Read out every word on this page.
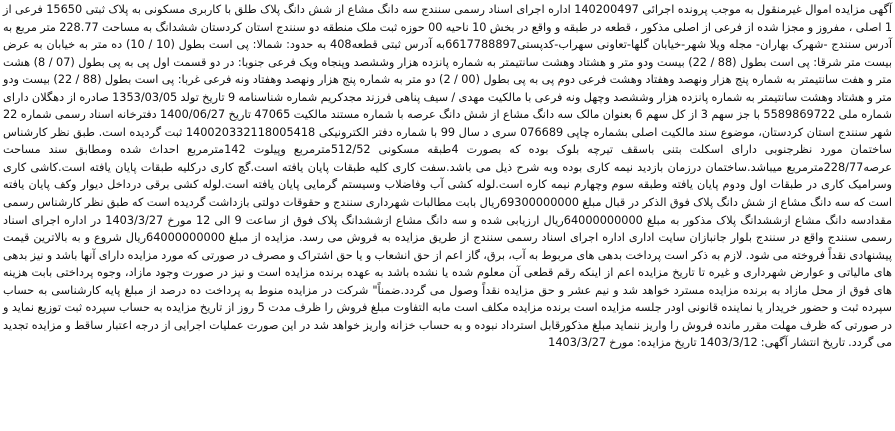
آگهی مزایده اموال غیرمنقول به موجب پرونده اجرائی 140200497 اداره اجرای اسناد رسمی سنندج سه دانگ مشاع از شش دانگ پلاک طلق با کاربری مسکونی به پلاک ثبتی 15650 فرعی از 1 اصلی ، مفروز و مجزا شده از فرعی از اصلی مذکور ، قطعه در طبقه و واقع در بخش 10 ناحیه 00 حوزه ثبت ملک منطقه دو سنندج استان کردستان ششدانگ به مساحت 228.77 متر مربع به آدرس سنندج -شهرک بهاران- مجله ویلا شهر-خیابان گلها-تعاونی سهراب-کدپستی6617788897به آدرس ثبتی قطعه408 به حدود: شمالا: پی است بطول (10 / 10) ده متر به خیابان به عرض بیست متر شرقا: پی است بطول (88 / 22) بیست ودو متر و هشتاد وهشت سانتیمتر به شماره پانزده هزار وششصد وپنجاه ویک فرعی جنوبا: در دو قسمت اول پی به پی بطول (07 / 8) هشت متر و هفت سانتیمتر به شماره پنج هزار ونهصد وهفتاد وهشت فرعی دوم پی به پی بطول (00 / 2) دو متر به شماره پنج هزار ونهصد وهفتاد ونه فرعی غربا: پی است بطول (88 / 22) بیست ودو متر و هشتاد وهشت سانتیمتر به شماره پانزده هزار وششصد وچهل ونه فرعی با مالکیت مهدی / سیف پناهی فرزند مجدکریم شماره شناسنامه 9 تاریخ تولد 1353/03/05 صادره از دهگلان دارای شماره ملی 5589869722 با جز سهم 3 از کل سهم 6 بعنوان مالک سه دانگ مشاع از شش دانگ عرصه با شماره مستند مالکیت 47065 تاریخ 1400/06/27 دفترخانه اسناد رسمی شماره 22 شهر سنندج استان کردستان، موضوع سند مالکیت اصلی بشماره چاپی 076689 سری د سال 99 با شماره دفتر الکترونیکی 140020332118005418 ثبت گردیده است. طبق نظر کارشناس ساختمان مورد نظرجنوبی دارای اسکلت بتنی باسقف تیرچه بلوک بوده که بصورت 4طبقه مسکونی 512/52مترمربع وپیلوت 142مترمربع احداث شده ومطابق سند مساحت عرصه228/77مترمربع میباشد.ساختمان درزمان بازدید نیمه کاری بوده وبه شرح ذیل می باشد.سفت کاری کلیه طبقات پایان یافته است.گچ کاری درکلیه طبقات پایان یافته است.کاشی کاری وسرامیک کاری در طبقات اول ودوم پایان یافته وطبقه سوم وچهارم نیمه کاره است.لوله کشی آب وفاضلاب وسیستم گرمایی پایان یافته است.لوله کشی برقی درداخل دیوار وکف پایان یافته است که سه دانگ مشاع از شش دانگ پلاک فوق الذکر در قبال مبلغ 69300000000ریال بابت مطالبات شهرداری سنندج و حقوقات دولتی بازداشت گردیده است که طبق نظر کارشناس رسمی مقدادسه دانگ مشاع ازششدانگ پلاک مذکور به مبلغ 64000000000ریال ارزیابی شده و سه دانگ مشاع ازششدانگ پلاک فوق از ساعت 9 الی 12 مورخ 1403/3/27 در اداره اجرای اسناد رسمی سنندج واقع در سنندج بلوار جانبازان سایت اداری اداره اجرای اسناد رسمی سنندج از طریق مزایده به فروش می رسد. مزایده از مبلغ 64000000000ریال شروع و به بالاترین قیمت پیشنهادی نقداً فروخته می شود. لازم به ذکر است پرداخت بدهی های مربوط به آب، برق، گاز اعم از حق انشعاب و یا حق اشتراک و مصرف در صورتی که مورد مزایده دارای آنها باشد و نیز بدهی های مالیاتی و عوارض شهرداری و غیره تا تاریخ مزایده اعم از اینکه رقم قطعی آن معلوم شده یا نشده باشد به عهده برنده مزایده است و نیز در صورت وجود مازاد، وجوه پرداختی بابت هزینه های فوق از محل مازاد به برنده مزایده مسترد خواهد شد و نیم عشر و حق مزایده نقداً وصول می گردد.ضمناً" شرکت در مزایده منوط به پرداخت ده درصد از مبلغ پایه کارشناسی به حساب سپرده ثبت و حضور خریدار یا نماینده قانونی اودر جلسه مزایده است برنده مزایده مکلف است مابه التفاوت مبلغ فروش را ظرف مدت 5 روز از تاریخ مزایده به حساب سپرده ثبت توزیع نماید و در صورتی که ظرف مهلت مقرر مانده فروش را واریز ننماید مبلغ مذکورقابل استرداد نبوده و به حساب خزانه واریز خواهد شد در این صورت عملیات اجرایی از درجه اعتبار ساقط و مزایده تجدید می گردد. تاریخ انتشار آگهی: 1403/3/12 تاریخ مزایده: مورخ 1403/3/27
